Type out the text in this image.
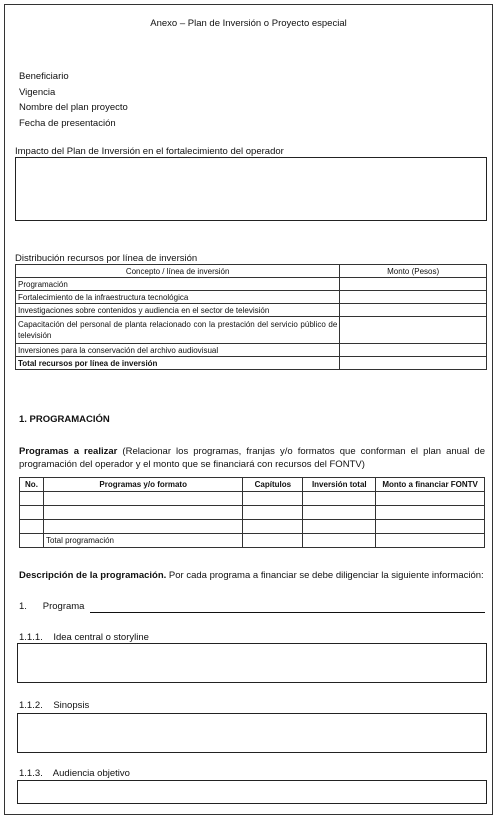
Anexo – Plan de Inversión o Proyecto especial
Beneficiario
Vigencia
Nombre del plan proyecto
Fecha de presentación
Impacto del Plan de Inversión en el fortalecimiento del operador
Distribución recursos por línea de inversión
Concepto / línea de inversión	Monto (Pesos)
Programación	
Fortalecimiento de la infraestructura tecnológica	
Investigaciones sobre contenidos y audiencia en el sector de televisión	
Capacitación del personal de planta relacionado con la prestación del servicio público de televisión	
Inversiones para la conservación del archivo audiovisual	
Total recursos por línea de inversión	
1. PROGRAMACIÓN
Programas a realizar (Relacionar los programas, franjas y/o formatos que conforman el plan anual de programación del operador y el monto que se financiará con recursos del FONTV)
No.	Programas y/o formato	Capítulos	Inversión total	Monto a financiar FONTV

	Total programación			
Descripción de la programación. Por cada programa a financiar se debe diligenciar la siguiente información:
1.      Programa
1.1.1.    Idea central o storyline
1.1.2.    Sinopsis
1.1.3.    Audiencia objetivo
